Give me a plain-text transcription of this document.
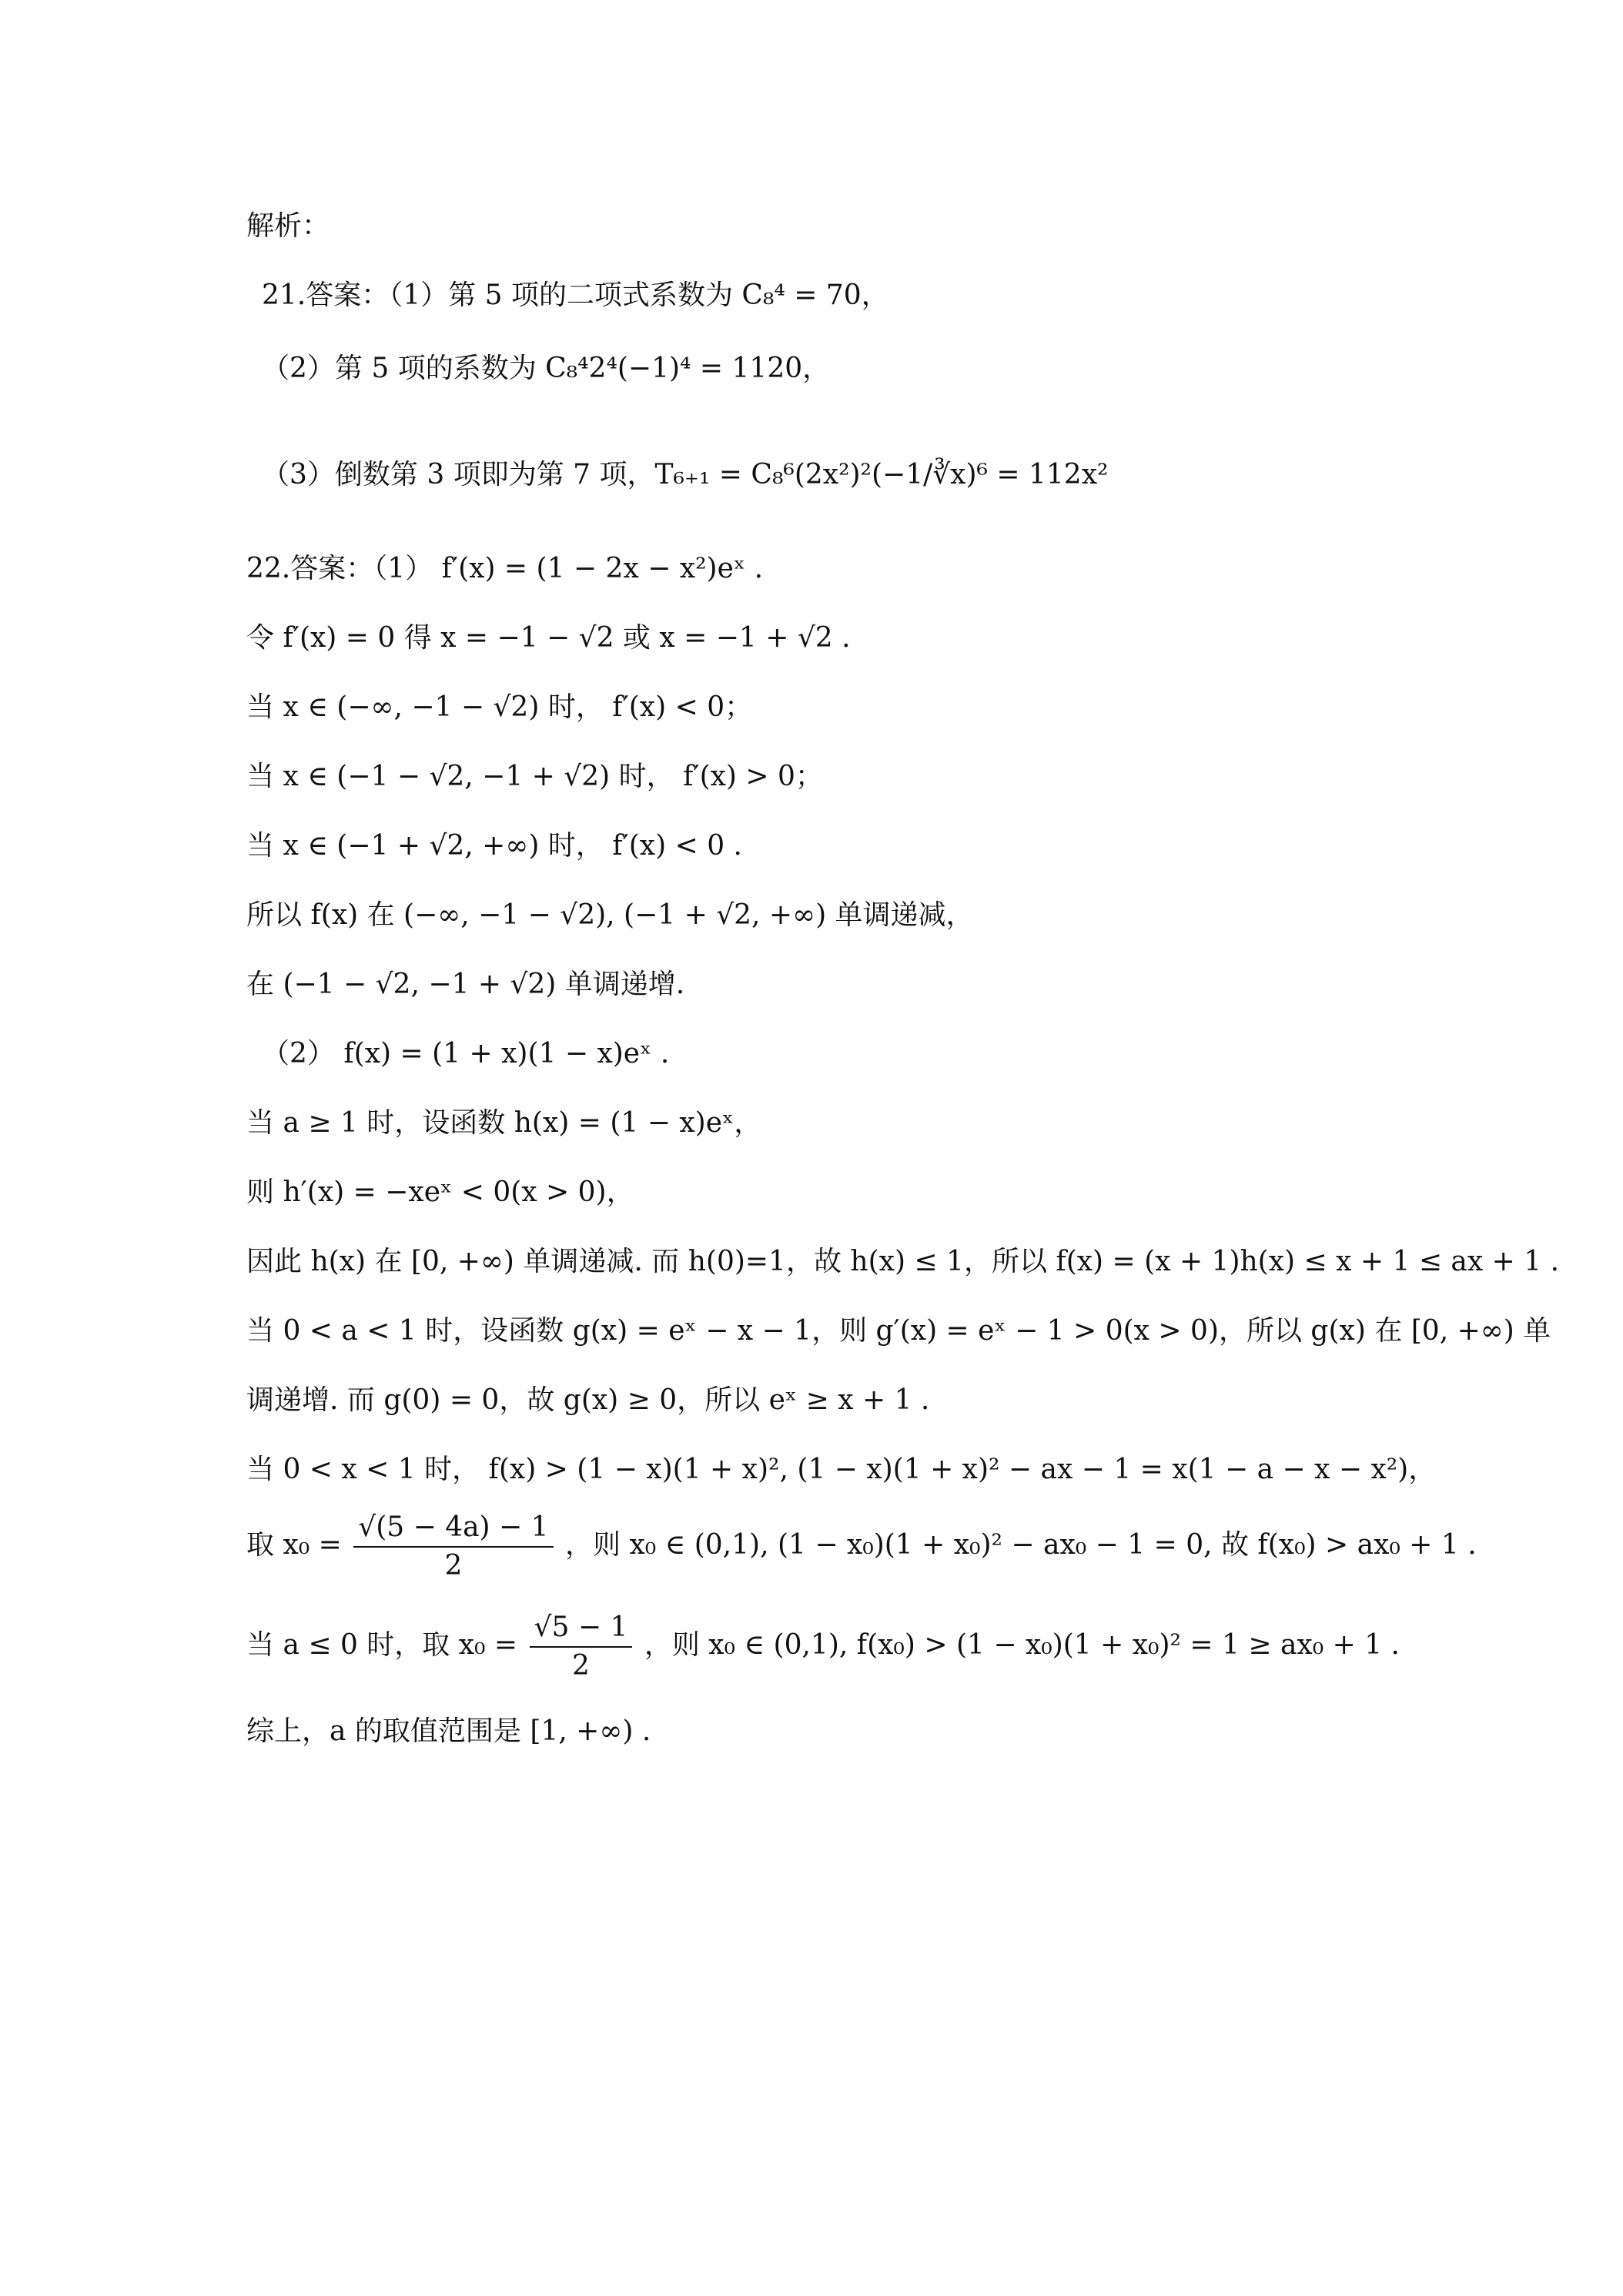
解析：
21.答案：（1）第 5 项的二项式系数为 C₈⁴ = 70，
（2）第 5 项的系数为 C₈⁴2⁴(−1)⁴ = 1120，
（3）倒数第 3 项即为第 7 项，T₆₊₁ = C₈⁶(2x²)²(−1/∛x)⁶ = 112x²
22.答案：（1） f′(x) = (1 − 2x − x²)eˣ .
令 f′(x) = 0 得 x = −1 − √2 或 x = −1 + √2 .
当 x ∈ (−∞, −1 − √2) 时， f′(x) < 0；
当 x ∈ (−1 − √2, −1 + √2) 时， f′(x) > 0；
当 x ∈ (−1 + √2, +∞) 时， f′(x) < 0 .
所以 f(x) 在 (−∞, −1 − √2), (−1 + √2, +∞) 单调递减，
在 (−1 − √2, −1 + √2) 单调递增.
（2） f(x) = (1 + x)(1 − x)eˣ .
当 a ≥ 1 时，设函数 h(x) = (1 − x)eˣ，
则 h′(x) = −xeˣ < 0(x > 0)，
因此 h(x) 在 [0, +∞) 单调递减. 而 h(0)=1，故 h(x) ≤ 1，所以 f(x) = (x + 1)h(x) ≤ x + 1 ≤ ax + 1 .
当 0 < a < 1 时，设函数 g(x) = eˣ − x − 1，则 g′(x) = eˣ − 1 > 0(x > 0)，所以 g(x) 在 [0, +∞) 单
调递增. 而 g(0) = 0，故 g(x) ≥ 0，所以 eˣ ≥ x + 1 .
当 0 < x < 1 时， f(x) > (1 − x)(1 + x)², (1 − x)(1 + x)² − ax − 1 = x(1 − a − x − x²)，
取 $x_0 = \frac{√(5 - 4a) - 1}{2}$ ，则 x₀ ∈ (0,1), (1 − x₀)(1 + x₀)² − ax₀ − 1 = 0, 故 f(x₀) > ax₀ + 1 .
当 a ≤ 0 时，取 $x_0 = \frac{√5 - 1}{2}$ ，则 x₀ ∈ (0,1), f(x₀) > (1 − x₀)(1 + x₀)² = 1 ≥ ax₀ + 1 .
综上，a 的取值范围是 [1, +∞) .
